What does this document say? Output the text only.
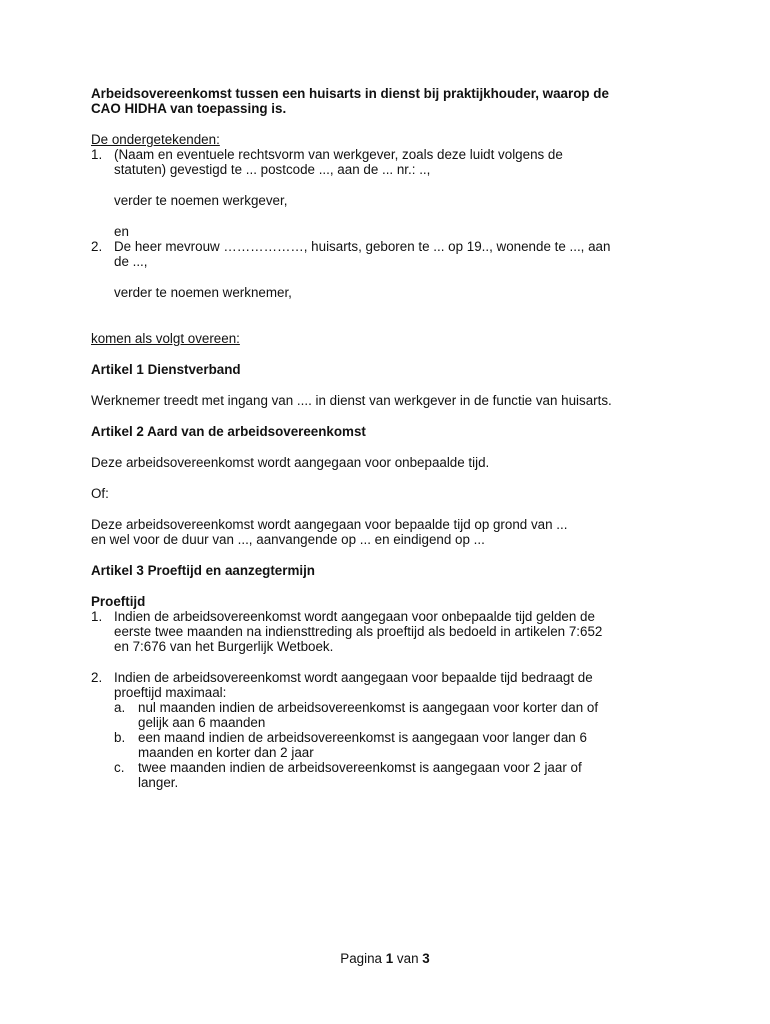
Arbeidsovereenkomst tussen een huisarts in dienst bij praktijkhouder, waarop de
CAO HIDHA van toepassing is.

De ondergetekenden:

1. (Naam en eventuele rechtsvorm van werkgever, zoals deze luidt volgens de
statuten) gevestigd te ... postcode ..., aan de ... nr.: ..,

verder te noemen werkgever,

en

2. De heer mevrouw ………………, huisarts, geboren te ... op 19.., wonende te ..., aan
de ...,

verder te noemen werknemer,

komen als volgt overeen:

Artikel 1 Dienstverband

Werknemer treedt met ingang van .... in dienst van werkgever in de functie van huisarts.

Artikel 2 Aard van de arbeidsovereenkomst

Deze arbeidsovereenkomst wordt aangegaan voor onbepaalde tijd.

Of:

Deze arbeidsovereenkomst wordt aangegaan voor bepaalde tijd op grond van ...
en wel voor de duur van ..., aanvangende op ... en eindigend op ...

Artikel 3 Proeftijd en aanzegtermijn

Proeftijd

1. Indien de arbeidsovereenkomst wordt aangegaan voor onbepaalde tijd gelden de
eerste twee maanden na indiensttreding als proeftijd als bedoeld in artikelen 7:652
en 7:676 van het Burgerlijk Wetboek.
2. Indien de arbeidsovereenkomst wordt aangegaan voor bepaalde tijd bedraagt de
proeftijd maximaal:
a. nul maanden indien de arbeidsovereenkomst is aangegaan voor korter dan of
gelijk aan 6 maanden
b. een maand indien de arbeidsovereenkomst is aangegaan voor langer dan 6
maanden en korter dan 2 jaar
c. twee maanden indien de arbeidsovereenkomst is aangegaan voor 2 jaar of
langer.
Pagina 1 van 3
